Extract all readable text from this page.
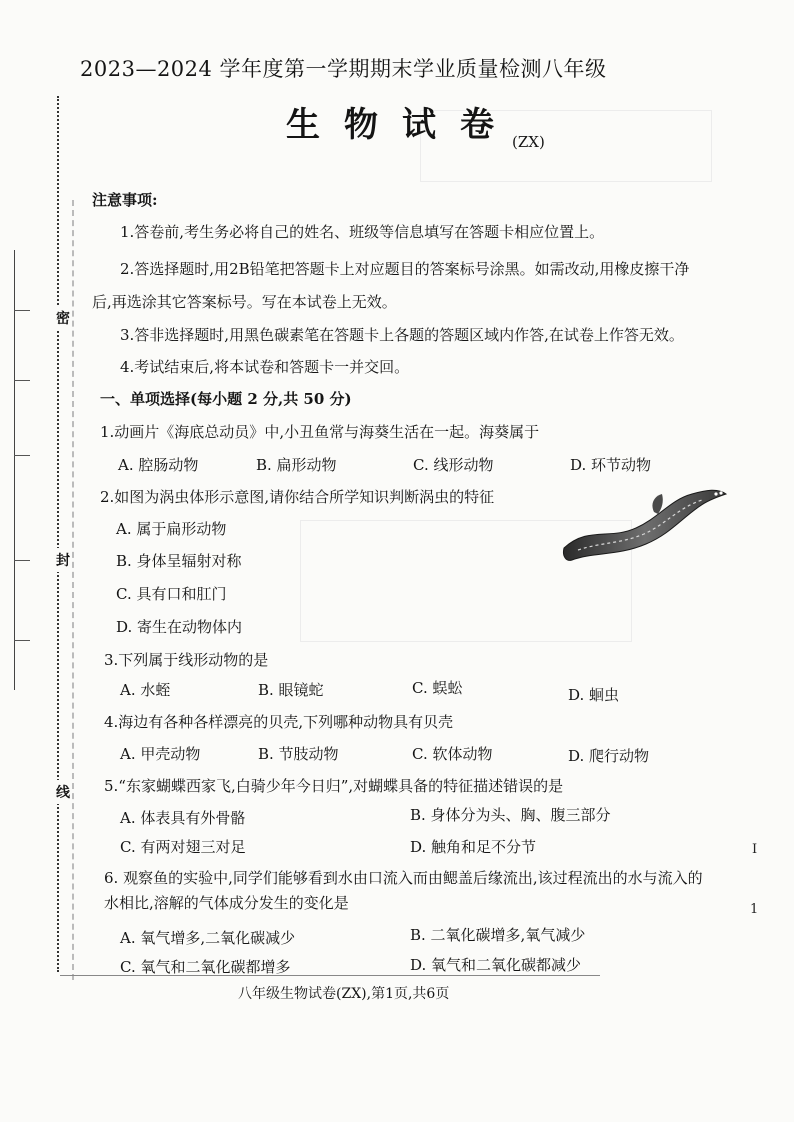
密
封
线
2023—2024 学年度第一学期期末学业质量检测八年级
生物试卷
(ZX)
注意事项:
1.答卷前,考生务必将自己的姓名、班级等信息填写在答题卡相应位置上。
2.答选择题时,用2B铅笔把答题卡上对应题目的答案标号涂黑。如需改动,用橡皮擦干净
后,再选涂其它答案标号。写在本试卷上无效。
3.答非选择题时,用黑色碳素笔在答题卡上各题的答题区域内作答,在试卷上作答无效。
4.考试结束后,将本试卷和答题卡一并交回。
一、单项选择(每小题 2 分,共 50 分)
1.动画片《海底总动员》中,小丑鱼常与海葵生活在一起。海葵属于
A. 腔肠动物	B. 扁形动物	C. 线形动物	D. 环节动物
2.如图为涡虫体形示意图,请你结合所学知识判断涡虫的特征
A. 属于扁形动物
B. 身体呈辐射对称
C. 具有口和肛门
D. 寄生在动物体内
3.下列属于线形动物的是
A. 水蛭	B. 眼镜蛇	C. 蜈蚣	D. 蛔虫
4.海边有各种各样漂亮的贝壳,下列哪种动物具有贝壳
A. 甲壳动物	B. 节肢动物	C. 软体动物	D. 爬行动物
5.“东家蝴蝶西家飞,白骑少年今日归”,对蝴蝶具备的特征描述错误的是
A. 体表具有外骨骼	B. 身体分为头、胸、腹三部分
C. 有两对翅三对足	D. 触角和足不分节
6. 观察鱼的实验中,同学们能够看到水由口流入而由鳃盖后缘流出,该过程流出的水与流入的
水相比,溶解的气体成分发生的变化是
A. 氧气增多,二氧化碳减少	B. 二氧化碳增多,氧气减少
C. 氧气和二氧化碳都增多	D. 氧气和二氧化碳都减少
I
1
八年级生物试卷(ZX),第1页,共6页
